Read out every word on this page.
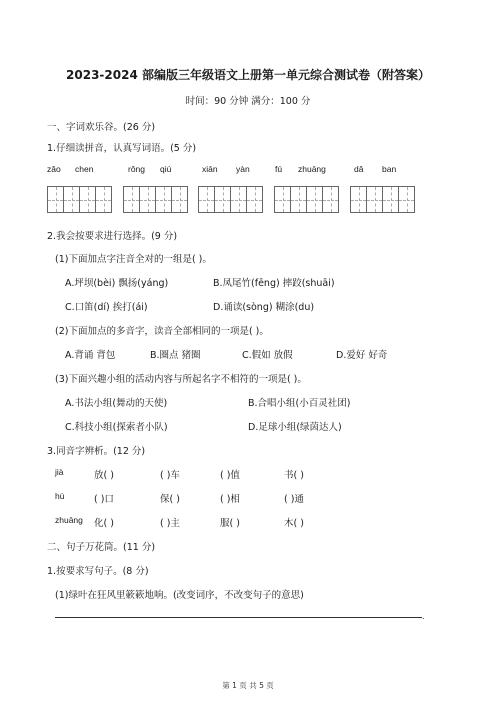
2023-2024 部编版三年级语文上册第一单元综合测试卷（附答案）
时间：90 分钟 满分：100 分
一、字词欢乐谷。(26 分)
1.仔细读拼音，认真写词语。(5 分)
zǎo chen	rǒng qiú	xiān yàn	fú zhuāng	dǎ ban
2.我会按要求进行选择。(9 分)
(1)下面加点字注音全对的一组是( )。
A.坪坝(bèi) 飘扬(yáng)	B.凤尾竹(fēng) 摔跤(shuāi)
C.口笛(dí) 挨打(ái)	D.诵读(sòng) 糊涂(du)
(2)下面加点的多音字，读音全部相同的一项是( )。
A.背诵 背包	B.圈点 猪圈	C.假如 放假	D.爱好 好奇
(3)下面兴趣小组的活动内容与所起名字不相符的一项是( )。
A.书法小组(舞动的天使)	B.合唱小组(小百灵社团)
C.科技小组(探索者小队)	D.足球小组(绿茵达人)
3.同音字辨析。(12 分)
jià	放( )	( )车	( )值	书( )
hù	( )口	保( )	( )相	( )通
zhuāng 化( )	( )主	服( )	木( )
二、句子万花筒。(11 分)
1.按要求写句子。(8 分)
(1)绿叶在狂风里簌簌地响。(改变词序，不改变句子的意思)
.
第 1 页 共 5 页
